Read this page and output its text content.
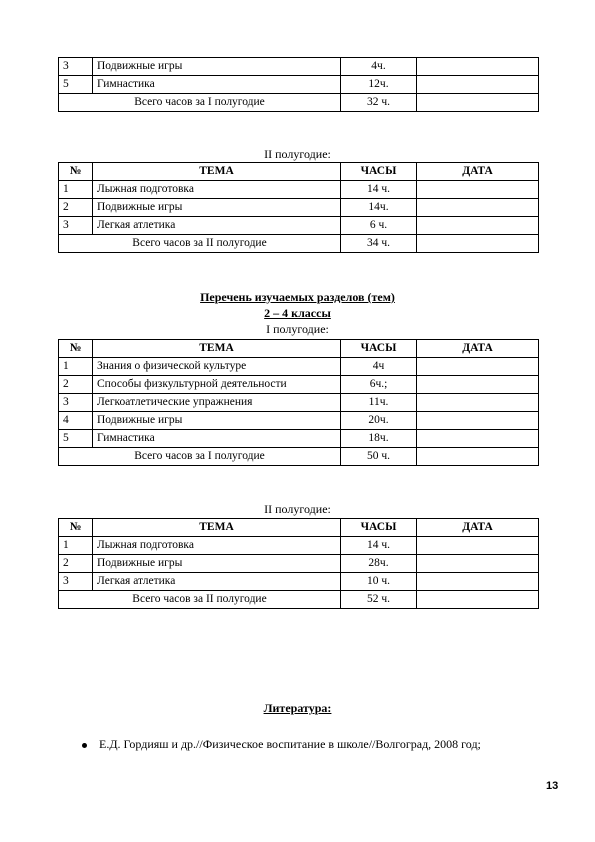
3	Подвижные игры	4ч.	
5	Гимнастика	12ч.	
Всего часов за I полугодие		32 ч.	
II полугодие:
№	ТЕМА	ЧАСЫ	ДАТА
1	Лыжная подготовка	14 ч.	
2	Подвижные игры	14ч.	
3	Легкая атлетика	6 ч.	
Всего часов за II полугодие		34 ч.	
Перечень изучаемых разделов (тем)
2 – 4 классы
I полугодие:
№	ТЕМА	ЧАСЫ	ДАТА
1	Знания о физической культуре	4ч	
2	Способы физкультурной деятельности	6ч.;	
3	Легкоатлетические упражнения	11ч.	
4	Подвижные игры	20ч.	
5	Гимнастика	18ч.	
Всего часов за I полугодие		50 ч.	
II полугодие:
№	ТЕМА	ЧАСЫ	ДАТА
1	Лыжная подготовка	14 ч.	
2	Подвижные игры	28ч.	
3	Легкая атлетика	10 ч.	
Всего часов за II полугодие		52 ч.	
Литература:
Е.Д. Гордияш и др.//Физическое воспитание в школе//Волгоград, 2008 год;
13
